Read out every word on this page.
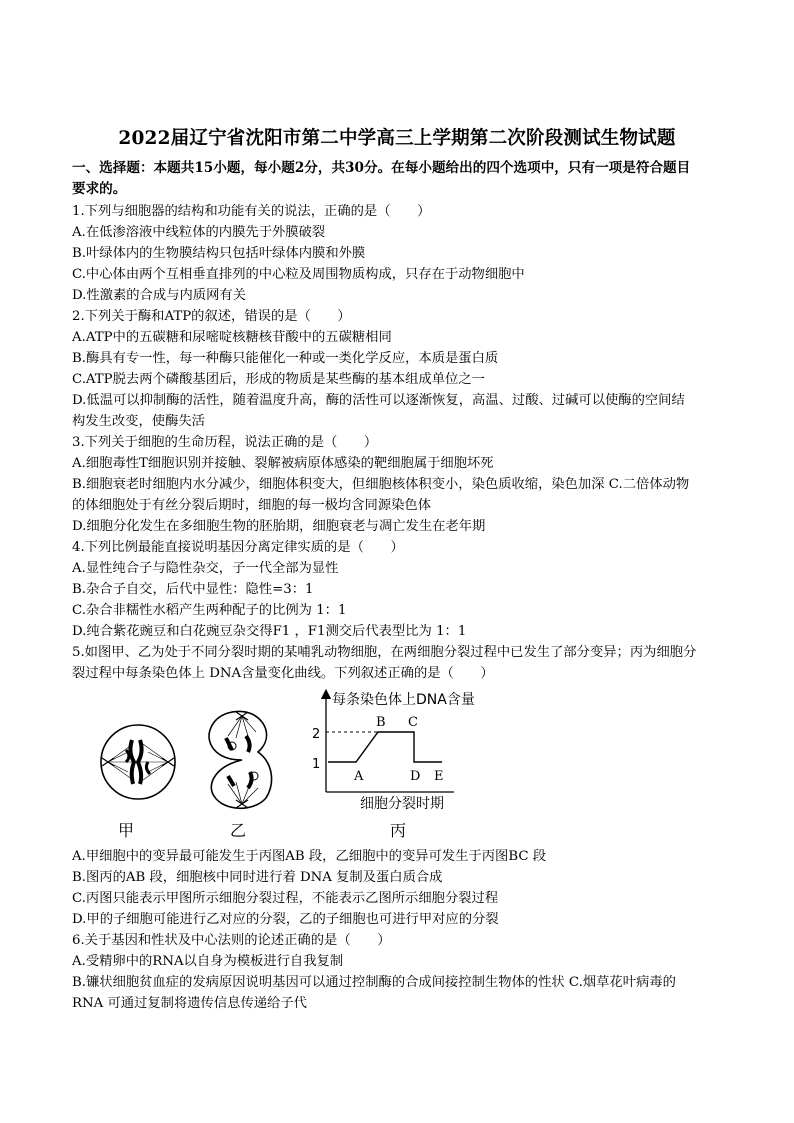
2022届辽宁省沈阳市第二中学高三上学期第二次阶段测试生物试题
一、选择题：本题共15小题，每小题2分，共30分。在每小题给出的四个选项中，只有一项是符合题目
要求的。
1.下列与细胞器的结构和功能有关的说法，正确的是（　　）
A.在低渗溶液中线粒体的内膜先于外膜破裂
B.叶绿体内的生物膜结构只包括叶绿体内膜和外膜
C.中心体由两个互相垂直排列的中心粒及周围物质构成，只存在于动物细胞中
D.性激素的合成与内质网有关
2.下列关于酶和ATP的叙述，错误的是（　　）
A.ATP中的五碳糖和尿嘧啶核糖核苷酸中的五碳糖相同
B.酶具有专一性，每一种酶只能催化一种或一类化学反应，本质是蛋白质
C.ATP脱去两个磷酸基团后，形成的物质是某些酶的基本组成单位之一
D.低温可以抑制酶的活性，随着温度升高，酶的活性可以逐渐恢复，高温、过酸、过碱可以使酶的空间结
构发生改变，使酶失活
3.下列关于细胞的生命历程，说法正确的是（　　）
A.细胞毒性T细胞识别并接触、裂解被病原体感染的靶细胞属于细胞坏死
B.细胞衰老时细胞内水分减少，细胞体积变大，但细胞核体积变小，染色质收缩，染色加深 C.二倍体动物
的体细胞处于有丝分裂后期时，细胞的每一极均含同源染色体
D.细胞分化发生在多细胞生物的胚胎期，细胞衰老与凋亡发生在老年期
4.下列比例最能直接说明基因分离定律实质的是（　　）
A.显性纯合子与隐性杂交，子一代全部为显性
B.杂合子自交，后代中显性：隐性=3：1
C.杂合非糯性水稻产生两种配子的比例为 1：1
D.纯合紫花豌豆和白花豌豆杂交得F1 ，F1测交后代表型比为 1：1
5.如图甲、乙为处于不同分裂时期的某哺乳动物细胞，在两细胞分裂过程中已发生了部分变异；丙为细胞分
裂过程中每条染色体上 DNA含量变化曲线。下列叙述正确的是（　　）
每条染色体上DNA含量
2
1
A
B C
D E
细胞分裂时期
甲	乙	丙
A.甲细胞中的变异最可能发生于丙图AB 段，乙细胞中的变异可发生于丙图BC 段
B.图丙的AB 段，细胞核中同时进行着 DNA 复制及蛋白质合成
C.丙图只能表示甲图所示细胞分裂过程，不能表示乙图所示细胞分裂过程
D.甲的子细胞可能进行乙对应的分裂，乙的子细胞也可进行甲对应的分裂
6.关于基因和性状及中心法则的论述正确的是（　　）
A.受精卵中的RNA以自身为模板进行自我复制
B.镰状细胞贫血症的发病原因说明基因可以通过控制酶的合成间接控制生物体的性状 C.烟草花叶病毒的
RNA 可通过复制将遗传信息传递给子代
